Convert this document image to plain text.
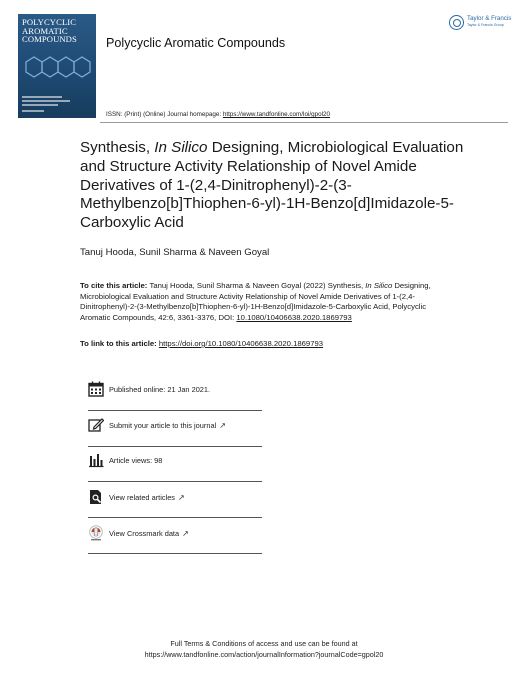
POLYCYCLIC
AROMATIC
COMPOUNDS	Polycyclic Aromatic Compounds
Taylor & Francis
Taylor & Francis Group
ISSN: (Print) (Online) Journal homepage: https://www.tandfonline.com/loi/gpol20
Synthesis, In Silico Designing, Microbiological Evaluation and Structure Activity Relationship of Novel Amide Derivatives of 1-(2,4-Dinitrophenyl)-2-(3-Methylbenzo[b]Thiophen-6-yl)-1H-Benzo[d]Imidazole-5-Carboxylic Acid
Tanuj Hooda, Sunil Sharma & Naveen Goyal
To cite this article: Tanuj Hooda, Sunil Sharma & Naveen Goyal (2022) Synthesis, In Silico Designing, Microbiological Evaluation and Structure Activity Relationship of Novel Amide Derivatives of 1-(2,4-Dinitrophenyl)-2-(3-Methylbenzo[b]Thiophen-6-yl)-1H-Benzo[d]Imidazole-5-Carboxylic Acid, Polycyclic Aromatic Compounds, 42:6, 3361-3376, DOI: 10.1080/10406638.2020.1869793
To link to this article: https://doi.org/10.1080/10406638.2020.1869793
Published online: 21 Jan 2021.
Submit your article to this journal ↗
Article views: 98
View related articles ↗
View Crossmark data ↗
Full Terms & Conditions of access and use can be found at
https://www.tandfonline.com/action/journalInformation?journalCode=gpol20
